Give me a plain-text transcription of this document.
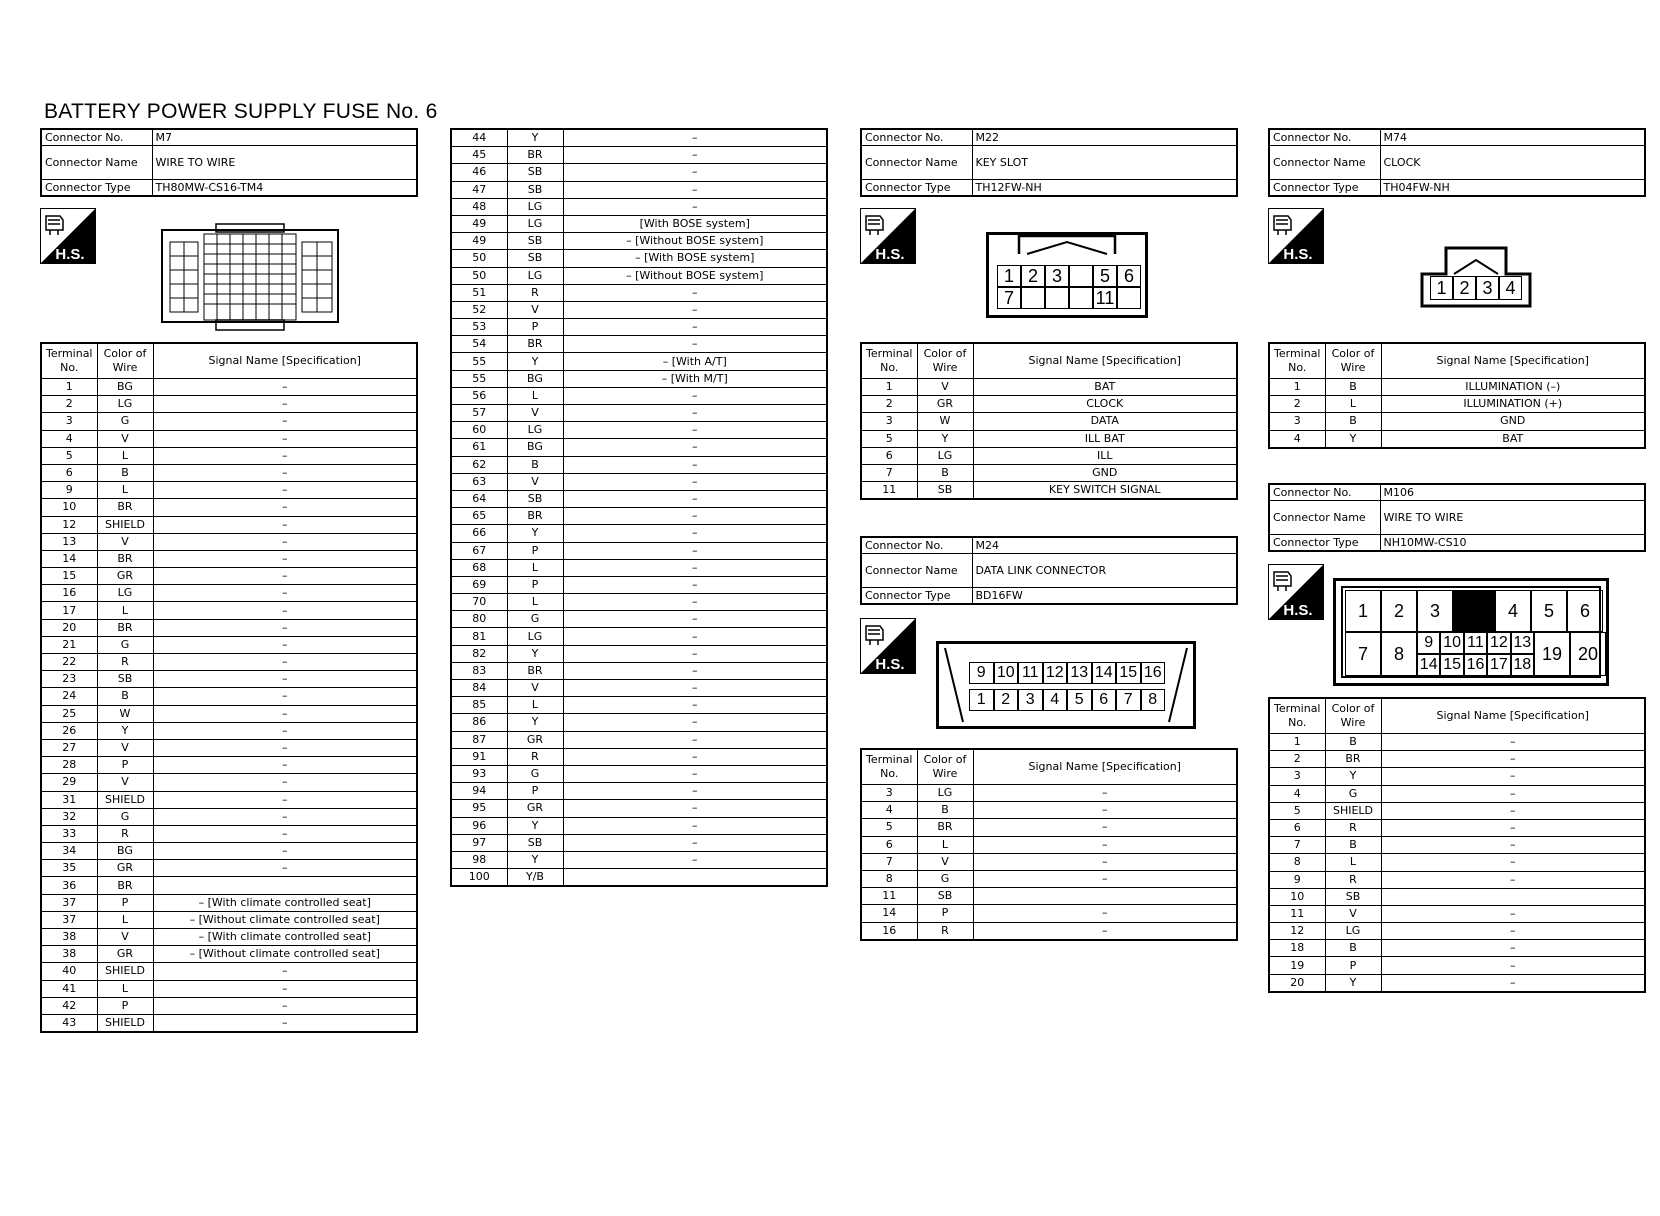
BATTERY POWER SUPPLY FUSE No. 6
Connector No.	M7
Connector Name	WIRE TO WIRE
Connector Type	TH80MW-CS16-TM4
H.S.
Terminal No.	Color of Wire	Signal Name [Specification]
1	BG	–
2	LG	–
3	G	–
4	V	–
5	L	–
6	B	–
9	L	–
10	BR	–
12	SHIELD	–
13	V	–
14	BR	–
15	GR	–
16	LG	–
17	L	–
20	BR	–
21	G	–
22	R	–
23	SB	–
24	B	–
25	W	–
26	Y	–
27	V	–
28	P	–
29	V	–
31	SHIELD	–
32	G	–
33	R	–
34	BG	–
35	GR	–
36	BR	
37	P	– [With climate controlled seat]
37	L	– [Without climate controlled seat]
38	V	– [With climate controlled seat]
38	GR	– [Without climate controlled seat]
40	SHIELD	–
41	L	–
42	P	–
43	SHIELD	–
44	Y	–
45	BR	–
46	SB	–
47	SB	–
48	LG	–
49	LG	[With BOSE system]
49	SB	– [Without BOSE system]
50	SB	– [With BOSE system]
50	LG	– [Without BOSE system]
51	R	–
52	V	–
53	P	–
54	BR	–
55	Y	– [With A/T]
55	BG	– [With M/T]
56	L	–
57	V	–
60	LG	–
61	BG	–
62	B	–
63	V	–
64	SB	–
65	BR	–
66	Y	–
67	P	–
68	L	–
69	P	–
70	L	–
80	G	–
81	LG	–
82	Y	–
83	BR	–
84	V	–
85	L	–
86	Y	–
87	GR	–
91	R	–
93	G	–
94	P	–
95	GR	–
96	Y	–
97	SB	–
98	Y	–
100	Y/B	
Connector No.	M22
Connector Name	KEY SLOT
Connector Type	TH12FW-NH
H.S.
1 2 3	5 6
7	11
Terminal No.	Color of Wire	Signal Name [Specification]
1	V	BAT
2	GR	CLOCK
3	W	DATA
5	Y	ILL BAT
6	LG	ILL
7	B	GND
11	SB	KEY SWITCH SIGNAL
Connector No.	M24
Connector Name	DATA LINK CONNECTOR
Connector Type	BD16FW
H.S.	9 10 11 12 13 14 15 16
1 2 3 4 5 6 7 8
Terminal No.	Color of Wire	Signal Name [Specification]
3	LG	–
4	B	–
5	BR	–
6	L	–
7	V	–
8	G	–
11	SB	
14	P	–
16	R	–
Connector No.	M74
Connector Name	CLOCK
Connector Type	TH04FW-NH
H.S.
1 2 3 4
Terminal No.	Color of Wire	Signal Name [Specification]
1	B	ILLUMINATION (–)
2	L	ILLUMINATION (+)
3	B	GND
4	Y	BAT
Connector No.	M106
Connector Name	WIRE TO WIRE
Connector Type	NH10MW-CS10
H.S.	1	2	3	4	5	6
7	8
9 10 11 12 13
14 15 16 17 18
19 20
Terminal No.	Color of Wire	Signal Name [Specification]
1	B	–
2	BR	–
3	Y	–
4	G	–
5	SHIELD	–
6	R	–
7	B	–
8	L	–
9	R	–
10	SB	
11	V	–
12	LG	–
18	B	–
19	P	–
20	Y	–
